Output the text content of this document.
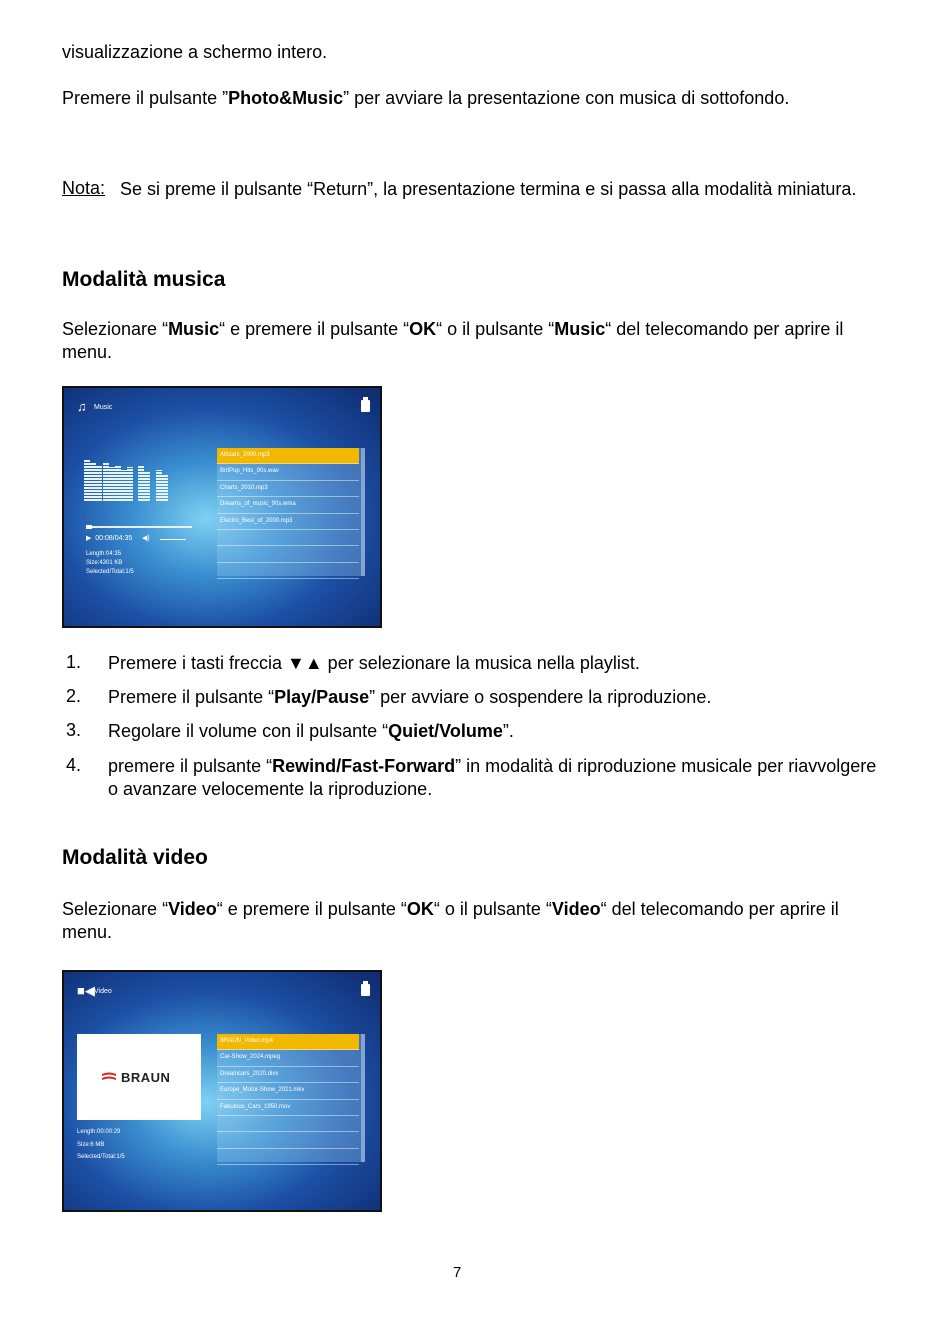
visualizzazione a schermo intero.
Premere il pulsante ”Photo&Music” per avviare la presentazione con musica di sottofondo.
Nota: Se si preme il pulsante “Return”, la presentazione termina e si passa alla modalità miniatura.
Modalità musica
Selezionare “Music“ e premere il pulsante “OK“ o il pulsante “Music“ del telecomando per aprire il menu.
♫ Music
▶ 00:08/04:35 ◀)
Length:04:35
Size:4301 KB
Selected/Total:1/5
Allstars_2000.mp3
BritPop_Hits_90s.wav
Charts_2010.mp3
Dreams_of_music_90s.wma
Electro_Best_of_2000.mp3
1. Premere i tasti freccia ▼▲ per selezionare la musica nella playlist.
2. Premere il pulsante “Play/Pause” per avviare o sospendere la riproduzione.
3. Regolare il volume con il pulsante “Quiet/Volume”.
4. premere il pulsante “Rewind/Fast-Forward” in modalità di riproduzione musicale per riavvolgere o avanzare velocemente la riproduzione.
Modalità video
Selezionare “Video“ e premere il pulsante “OK“ o il pulsante “Video“ del telecomando per aprire il menu.
■◀ Video
BRAUN
Length:00:00:29
Size:6 MB
Selected/Total:1/5
BRAUN_Video.mp4
Car-Show_2024.mpeg
Dreamcars_2020.divx
Europe_Motor-Show_2021.mkv
Fabulous_Cars_1950.mov
7
